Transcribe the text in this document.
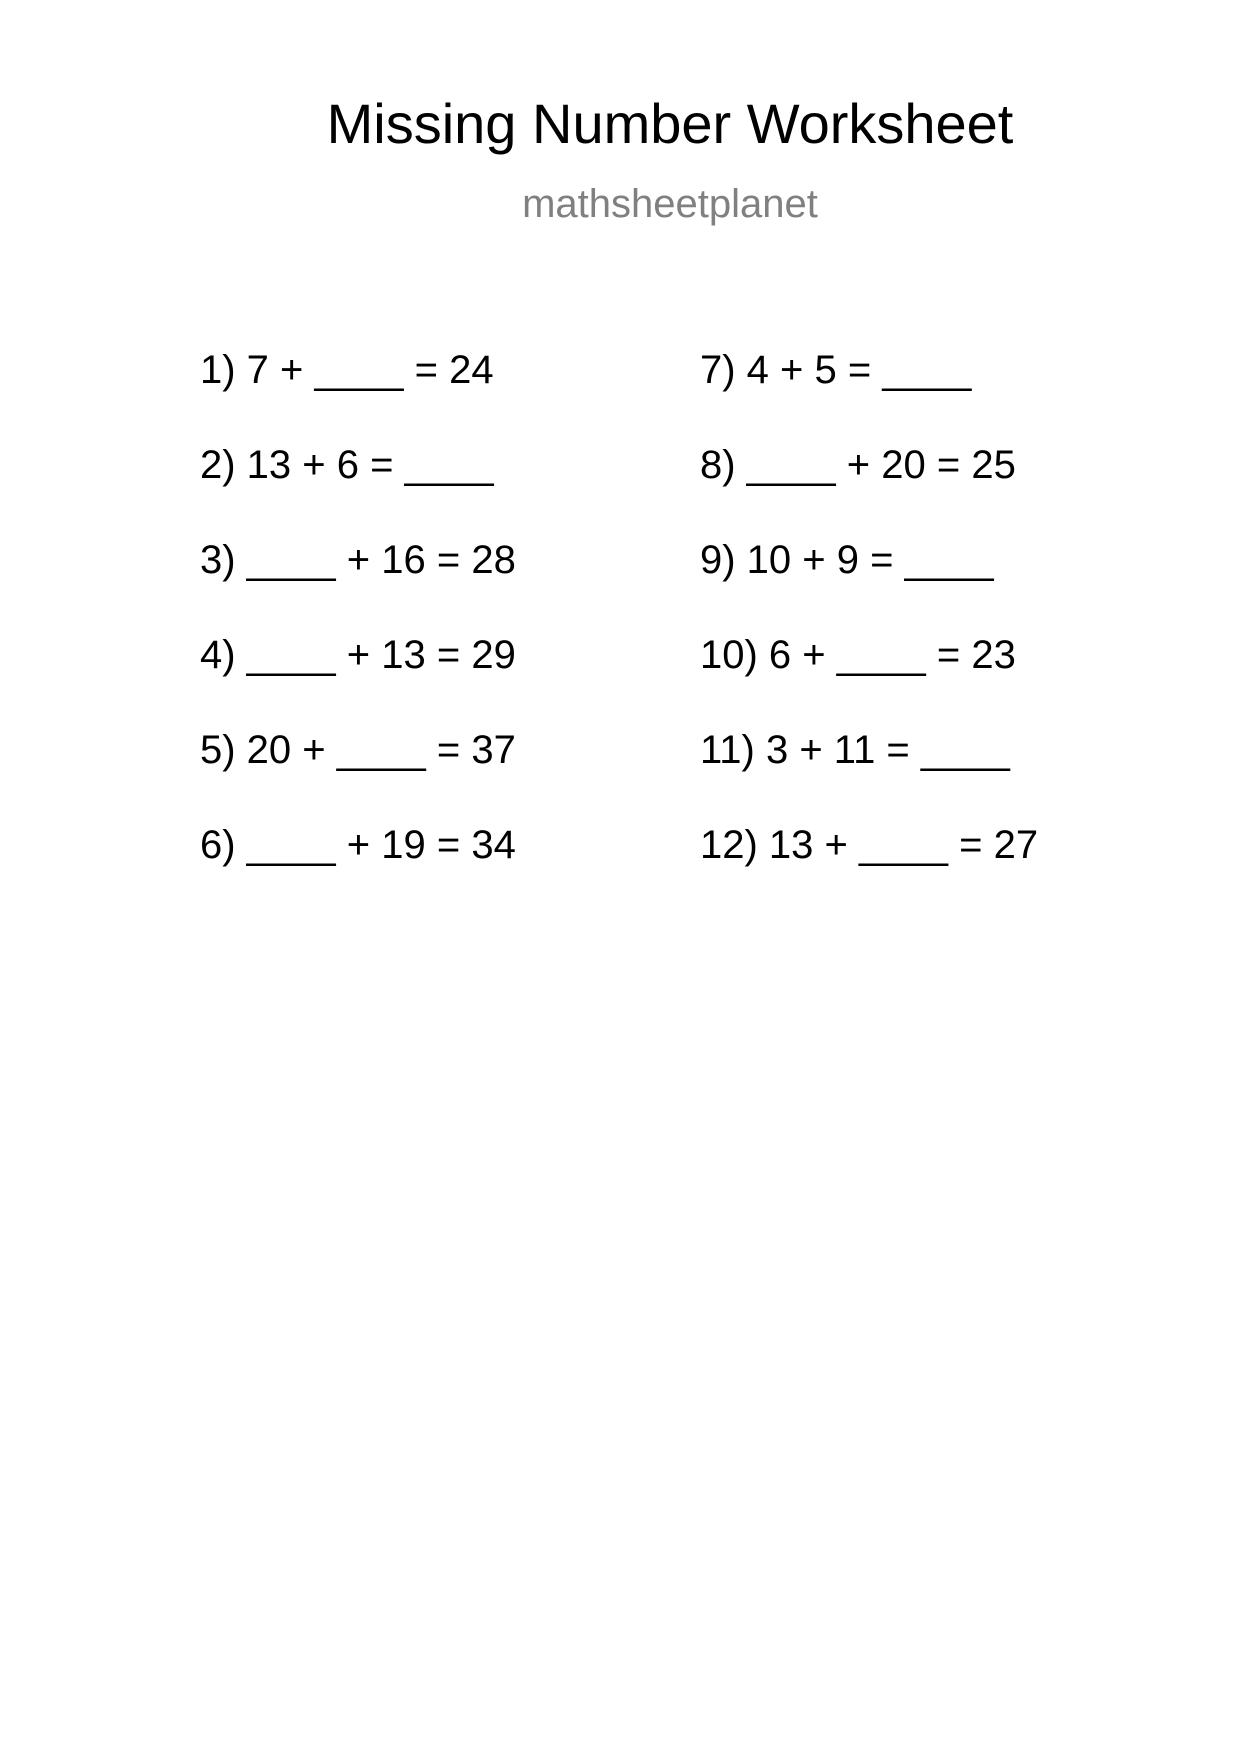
Missing Number Worksheet
mathsheetplanet
1) 7 + ____ = 24
2) 13 + 6 = ____
3) ____ + 16 = 28
4) ____ + 13 = 29
5) 20 + ____ = 37
6) ____ + 19 = 34
7) 4 + 5 = ____
8) ____ + 20 = 25
9) 10 + 9 = ____
10) 6 + ____ = 23
11) 3 + 11 = ____
12) 13 + ____ = 27
